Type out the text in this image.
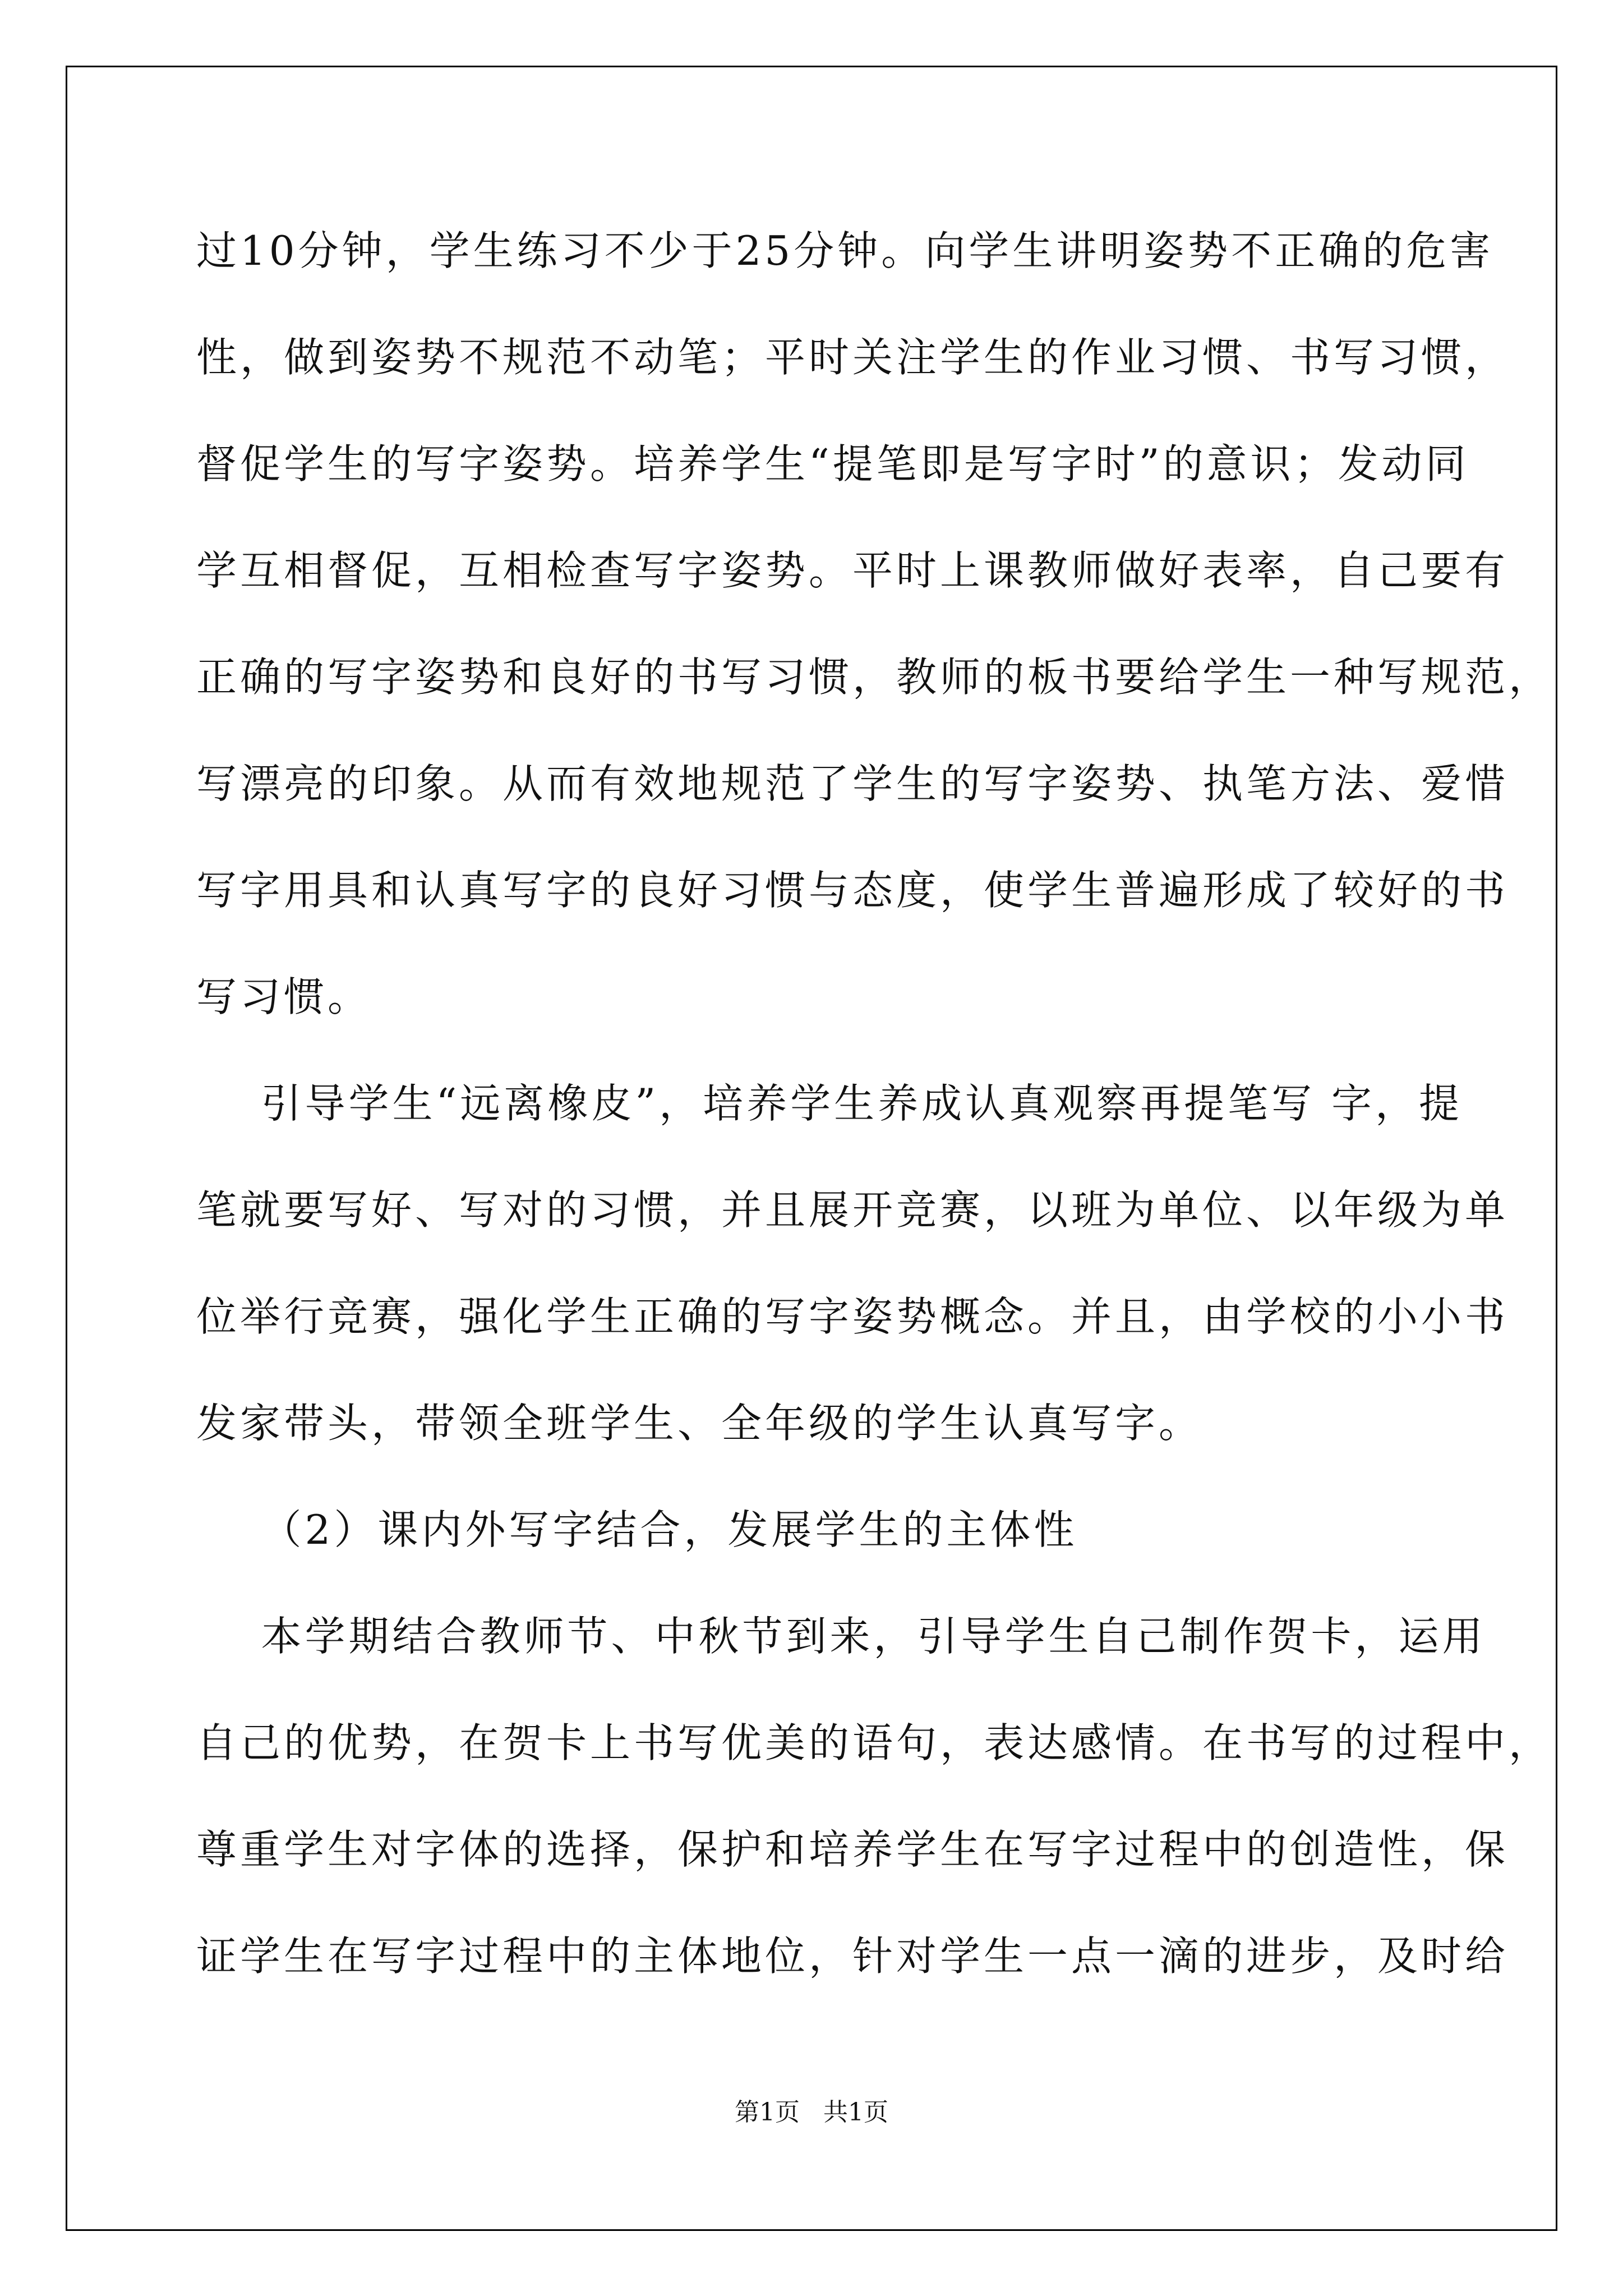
过10分钟，学生练习不少于25分钟。向学生讲明姿势不正确的危害
性，做到姿势不规范不动笔；平时关注学生的作业习惯、书写习惯，
督促学生的写字姿势。培养学生“提笔即是写字时”的意识；发动同
学互相督促，互相检查写字姿势。平时上课教师做好表率，自己要有
正确的写字姿势和良好的书写习惯，教师的板书要给学生一种写规范，
写漂亮的印象。从而有效地规范了学生的写字姿势、执笔方法、爱惜
写字用具和认真写字的良好习惯与态度，使学生普遍形成了较好的书
写习惯。
引导学生“远离橡皮”，培养学生养成认真观察再提笔写 字，提
笔就要写好、写对的习惯，并且展开竞赛，以班为单位、以年级为单
位举行竞赛，强化学生正确的写字姿势概念。并且，由学校的小小书
发家带头，带领全班学生、全年级的学生认真写字。
（2）课内外写字结合，发展学生的主体性
本学期结合教师节、中秋节到来，引导学生自己制作贺卡，运用
自己的优势，在贺卡上书写优美的语句，表达感情。在书写的过程中，
尊重学生对字体的选择，保护和培养学生在写字过程中的创造性，保
证学生在写字过程中的主体地位，针对学生一点一滴的进步，及时给
第1页   共1页
